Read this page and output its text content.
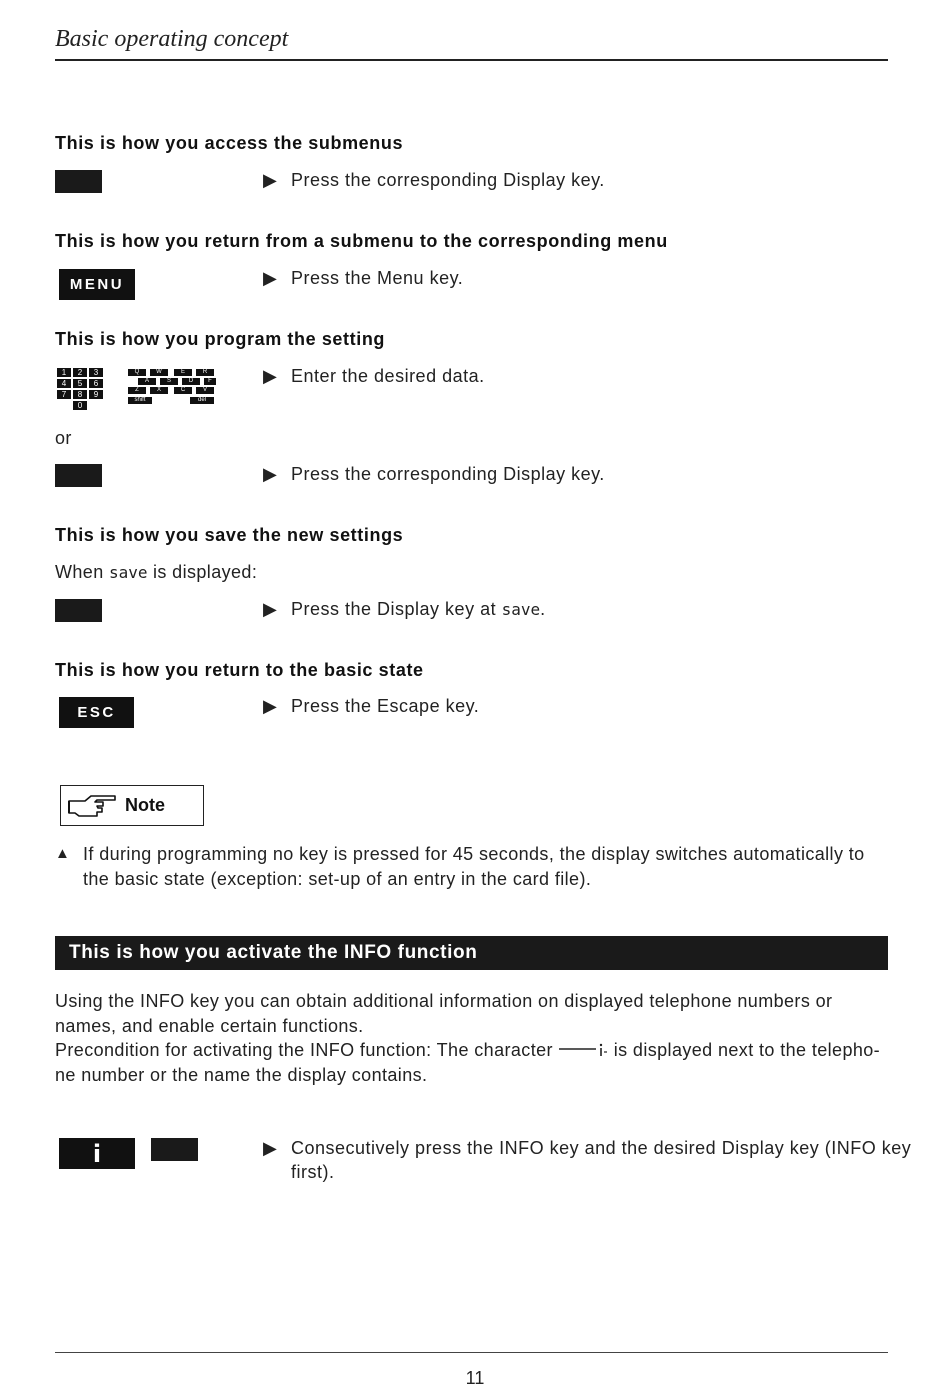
Basic operating concept
This is how you access the submenus
▶ Press the corresponding Display key.
This is how you return from a submenu to the corresponding menu
MENU	▶ Press the Menu key.
This is how you program the setting
1	2	3
4	5	6
7	8	9
0
Q	W	E	R
A	S	D	F
Z	X	C	V
shift	del
▶ Enter the desired data.
or
▶ Press the corresponding Display key.
This is how you save the new settings
When save is displayed:
▶ Press the Display key at save.
This is how you return to the basic state
ESC	▶ Press the Escape key.
Note
▲ If during programming no key is pressed for 45 seconds, the display switches automatically to
the basic state (exception: set-up of an entry in the card file).
This is how you activate the INFO function
Using the INFO key you can obtain additional information on displayed telephone numbers or
names, and enable certain functions.
Precondition for activating the INFO function: The character	is displayed next to the telepho-
ne number or the name the display contains.
i	▶ Consecutively press the INFO key and the desired Display key (INFO key
first).
11
